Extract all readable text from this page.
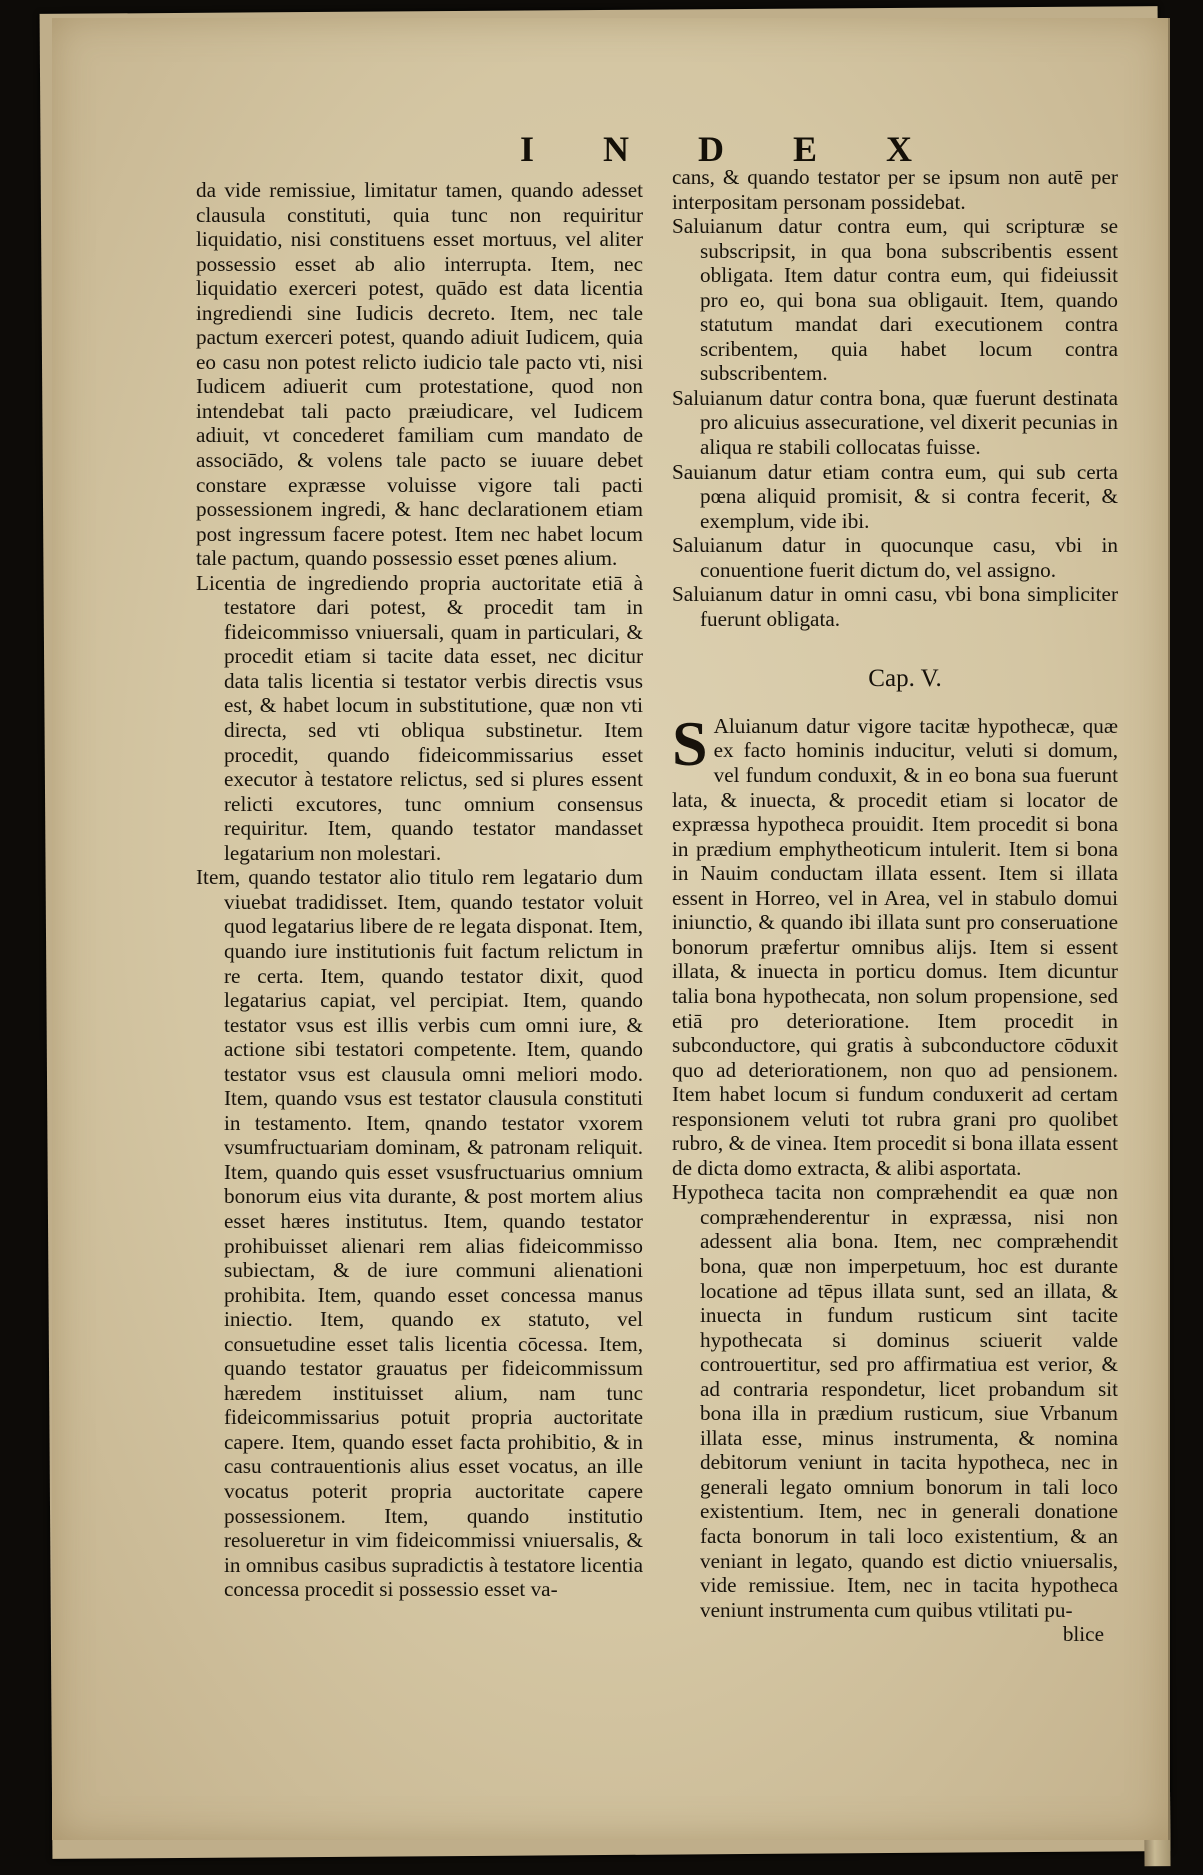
I N D E X

da vide remissiue, limitatur tamen, quando adesset clausula constituti, quia tunc non requiritur liquidatio, nisi constituens esset mortuus, vel aliter possessio esset ab alio interrupta. Item, nec liquidatio exerceri potest, quādo est data licentia ingrediendi sine Iudicis decreto. Item, nec tale pactum exerceri potest, quando adiuit Iudicem, quia eo casu non potest relicto iudicio tale pacto vti, nisi Iudicem adiuerit cum protestatione, quod non intendebat tali pacto præiudicare, vel Iudicem adiuit, vt concederet familiam cum mandato de associādo, & volens tale pacto se iuuare debet constare expræsse voluisse vigore tali pacti possessionem ingredi, & hanc declarationem etiam post ingressum facere potest. Item nec habet locum tale pactum, quando possessio esset pœnes alium.

Licentia de ingrediendo propria auctoritate etiā à testatore dari potest, & procedit tam in fideicommisso vniuersali, quam in particulari, & procedit etiam si tacite data esset, nec dicitur data talis licentia si testator verbis directis vsus est, & habet locum in substitutione, quæ non vti directa, sed vti obliqua substinetur. Item procedit, quando fideicommissarius esset executor à testatore relictus, sed si plures essent relicti excutores, tunc omnium consensus requiritur. Item, quando testator mandasset legatarium non molestari.

Item, quando testator alio titulo rem legatario dum viuebat tradidisset. Item, quando testator voluit quod legatarius libere de re legata disponat. Item, quando iure institutionis fuit factum relictum in re certa. Item, quando testator dixit, quod legatarius capiat, vel percipiat. Item, quando testator vsus est illis verbis cum omni iure, & actione sibi testatori competente. Item, quando testator vsus est clausula omni meliori modo. Item, quando vsus est testator clausula constituti in testamento. Item, qnando testator vxorem vsumfructuariam dominam, & patronam reliquit. Item, quando quis esset vsusfructuarius omnium bonorum eius vita durante, & post mortem alius esset hæres institutus. Item, quando testator prohibuisset alienari rem alias fideicommisso subiectam, & de iure communi alienationi prohibita. Item, quando esset concessa manus iniectio. Item, quando ex statuto, vel consuetudine esset talis licentia cōcessa. Item, quando testator grauatus per fideicommissum hæredem instituisset alium, nam tunc fideicommissarius potuit propria auctoritate capere. Item, quando esset facta prohibitio, & in casu contrauentionis alius esset vocatus, an ille vocatus poterit propria auctoritate capere possessionem. Item, quando institutio resolueretur in vim fideicommissi vniuersalis, & in omnibus casibus supradictis à testatore licentia concessa procedit si possessio esset va-

cans, & quando testator per se ipsum non autē per interpositam personam possidebat.

Saluianum datur contra eum, qui scripturæ se subscripsit, in qua bona subscribentis essent obligata. Item datur contra eum, qui fideiussit pro eo, qui bona sua obligauit. Item, quando statutum mandat dari executionem contra scribentem, quia habet locum contra subscribentem.

Saluianum datur contra bona, quæ fuerunt destinata pro alicuius assecuratione, vel dixerit pecunias in aliqua re stabili collocatas fuisse.

Sauianum datur etiam contra eum, qui sub certa pœna aliquid promisit, & si contra fecerit, & exemplum, vide ibi.

Saluianum datur in quocunque casu, vbi in conuentione fuerit dictum do, vel assigno.

Saluianum datur in omni casu, vbi bona simpliciter fuerunt obligata.

Cap. V.

S Aluianum datur vigore tacitæ hypothecæ, quæ ex facto hominis inducitur, veluti si domum, vel fundum conduxit, & in eo bona sua fuerunt lata, & inuecta, & procedit etiam si locator de expræssa hypotheca prouidit. Item procedit si bona in prædium emphytheoticum intulerit. Item si bona in Nauim conductam illata essent. Item si illata essent in Horreo, vel in Area, vel in stabulo domui iniunctio, & quando ibi illata sunt pro conseruatione bonorum præfertur omnibus alijs. Item si essent illata, & inuecta in porticu domus. Item dicuntur talia bona hypothecata, non solum propensione, sed etiā pro deterioratione. Item procedit in subconductore, qui gratis à subconductore cōduxit quo ad deteriorationem, non quo ad pensionem. Item habet locum si fundum conduxerit ad certam responsionem veluti tot rubra grani pro quolibet rubro, & de vinea. Item procedit si bona illata essent de dicta domo extracta, & alibi asportata.

Hypotheca tacita non compræhendit ea quæ non compræhenderentur in expræssa, nisi non adessent alia bona. Item, nec compræhendit bona, quæ non imperpetuum, hoc est durante locatione ad tēpus illata sunt, sed an illata, & inuecta in fundum rusticum sint tacite hypothecata si dominus sciuerit valde controuertitur, sed pro affirmatiua est verior, & ad contraria respondetur, licet probandum sit bona illa in prædium rusticum, siue Vrbanum illata esse, minus instrumenta, & nomina debitorum veniunt in tacita hypotheca, nec in generali legato omnium bonorum in tali loco existentium. Item, nec in generali donatione facta bonorum in tali loco existentium, & an veniant in legato, quando est dictio vniuersalis, vide remissiue. Item, nec in tacita hypotheca veniunt instrumenta cum quibus vtilitati pu-

blice
